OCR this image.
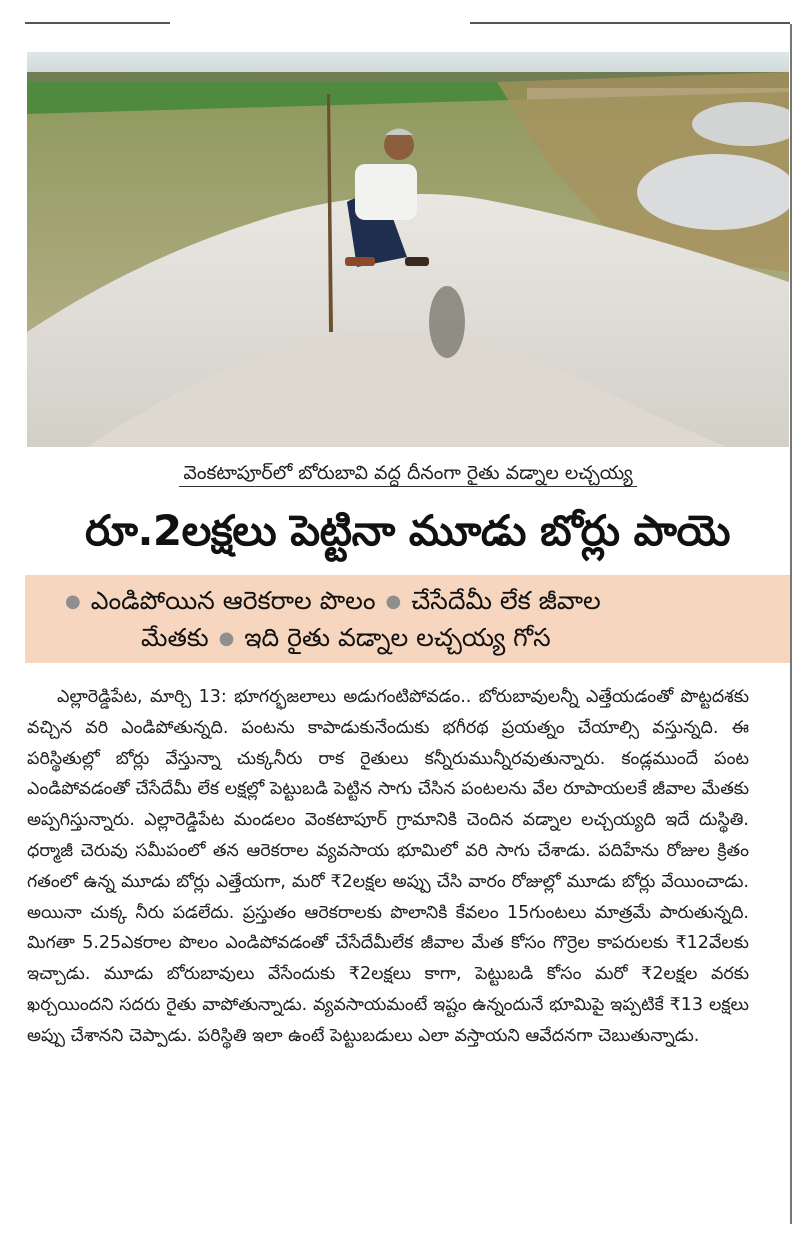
వెంకటాపూర్‌లో బోరుబావి వద్ద దీనంగా రైతు వడ్నాల లచ్చయ్య
రూ.2లక్షలు పెట్టినా మూడు బోర్లు పాయె
● ఎండిపోయిన ఆరెకరాల పొలం ● చేసేదేమీ లేక జీవాల
మేతకు ● ఇది రైతు వడ్నాల లచ్చయ్య గోస

ఎల్లారెడ్డిపేట, మార్చి 13: భూగర్భజలాలు అడుగంటిపోవడం.. బోరుబావులన్నీ ఎత్తేయడంతో పొట్టదశకు వచ్చిన వరి ఎండిపోతున్నది. పంటను కాపాడుకునేందుకు భగీరథ ప్రయత్నం చేయాల్సి వస్తున్నది. ఈ పరిస్థితుల్లో బోర్లు వేస్తున్నా చుక్కనీరు రాక రైతులు కన్నీరుమున్నీరవుతున్నారు. కండ్లముందే పంట ఎండిపోవడంతో చేసేదేమీ లేక లక్షల్లో పెట్టుబడి పెట్టిన సాగు చేసిన పంటలను వేల రూపాయలకే జీవాల మేతకు అప్పగిస్తున్నారు. ఎల్లారెడ్డిపేట మండలం వెంకటాపూర్ గ్రామానికి చెందిన వడ్నాల లచ్చయ్యది ఇదే దుస్థితి. ధర్మాజీ చెరువు సమీపంలో తన ఆరెకరాల వ్యవసాయ భూమిలో వరి సాగు చేశాడు. పదిహేను రోజుల క్రితం గతంలో ఉన్న మూడు బోర్లు ఎత్తేయగా, మరో ₹2లక్షల అప్పు చేసి వారం రోజుల్లో మూడు బోర్లు వేయించాడు. అయినా చుక్క నీరు పడలేదు. ప్రస్తుతం ఆరెకరాలకు పొలానికి కేవలం 15గుంటలు మాత్రమే పారుతున్నది. మిగతా 5.25ఎకరాల పొలం ఎండిపోవడంతో చేసేదేమీలేక జీవాల మేత కోసం గొర్రెల కాపరులకు ₹12వేలకు ఇచ్చాడు. మూడు బోరుబావులు వేసేందుకు ₹2లక్షలు కాగా, పెట్టుబడి కోసం మరో ₹2లక్షల వరకు ఖర్చయిందని సదరు రైతు వాపోతున్నాడు. వ్యవసాయమంటే ఇష్టం ఉన్నందునే భూమిపై ఇప్పటికే ₹13 లక్షలు అప్పు చేశానని చెప్పాడు. పరిస్థితి ఇలా ఉంటే పెట్టుబడులు ఎలా వస్తాయని ఆవేదనగా చెబుతున్నాడు.
